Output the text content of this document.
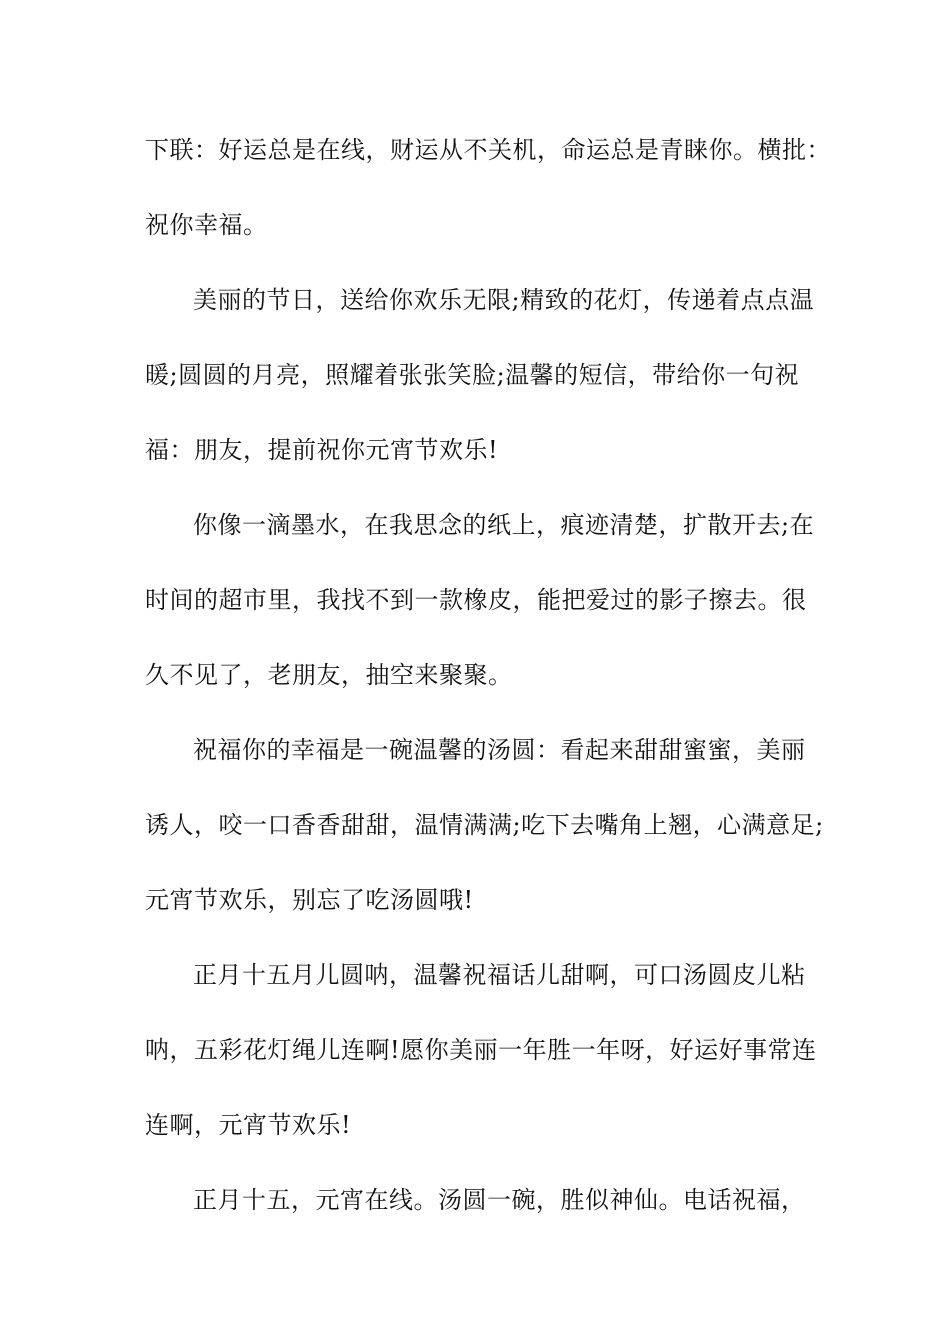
下联：好运总是在线，财运从不关机，命运总是青睐你。横批：
祝你幸福。
美丽的节日，送给你欢乐无限;精致的花灯，传递着点点温
暖;圆圆的月亮，照耀着张张笑脸;温馨的短信，带给你一句祝
福：朋友，提前祝你元宵节欢乐!
你像一滴墨水，在我思念的纸上，痕迹清楚，扩散开去;在
时间的超市里，我找不到一款橡皮，能把爱过的影子擦去。很
久不见了，老朋友，抽空来聚聚。
祝福你的幸福是一碗温馨的汤圆：看起来甜甜蜜蜜，美丽
诱人，咬一口香香甜甜，温情满满;吃下去嘴角上翘，心满意足;
元宵节欢乐，别忘了吃汤圆哦!
正月十五月儿圆呐，温馨祝福话儿甜啊，可口汤圆皮儿粘
呐，五彩花灯绳儿连啊!愿你美丽一年胜一年呀，好运好事常连
连啊，元宵节欢乐!
正月十五，元宵在线。汤圆一碗，胜似神仙。电话祝福，
